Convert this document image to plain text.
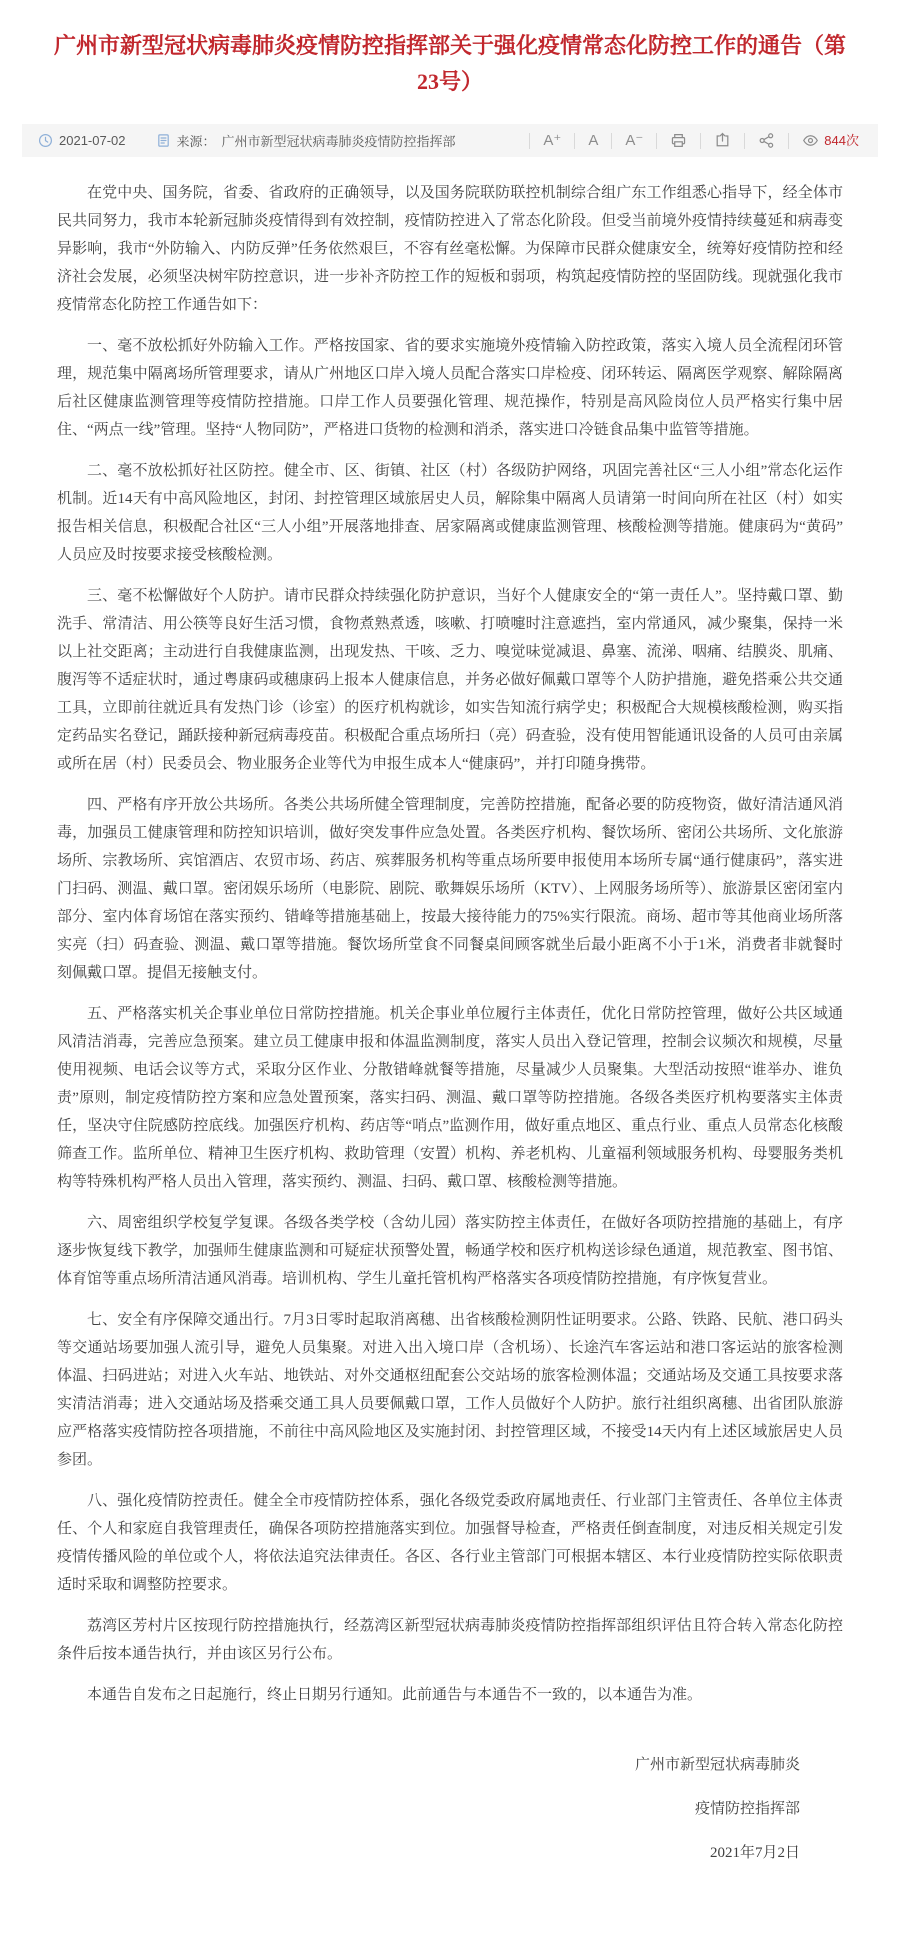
广州市新型冠状病毒肺炎疫情防控指挥部关于强化疫情常态化防控工作的通告（第23号）
2021-07-02	来源： 广州市新型冠状病毒肺炎疫情防控指挥部	A⁺ A A⁻	844次

在党中央、国务院，省委、省政府的正确领导，以及国务院联防联控机制综合组广东工作组悉心指导下，经全体市民共同努力，我市本轮新冠肺炎疫情得到有效控制，疫情防控进入了常态化阶段。但受当前境外疫情持续蔓延和病毒变异影响，我市“外防输入、内防反弹”任务依然艰巨，不容有丝毫松懈。为保障市民群众健康安全，统筹好疫情防控和经济社会发展，必须坚决树牢防控意识，进一步补齐防控工作的短板和弱项，构筑起疫情防控的坚固防线。现就强化我市疫情常态化防控工作通告如下：

一、毫不放松抓好外防输入工作。严格按国家、省的要求实施境外疫情输入防控政策，落实入境人员全流程闭环管理，规范集中隔离场所管理要求，请从广州地区口岸入境人员配合落实口岸检疫、闭环转运、隔离医学观察、解除隔离后社区健康监测管理等疫情防控措施。口岸工作人员要强化管理、规范操作，特别是高风险岗位人员严格实行集中居住、“两点一线”管理。坚持“人物同防”，严格进口货物的检测和消杀，落实进口冷链食品集中监管等措施。

二、毫不放松抓好社区防控。健全市、区、街镇、社区（村）各级防护网络，巩固完善社区“三人小组”常态化运作机制。近14天有中高风险地区，封闭、封控管理区域旅居史人员，解除集中隔离人员请第一时间向所在社区（村）如实报告相关信息，积极配合社区“三人小组”开展落地排查、居家隔离或健康监测管理、核酸检测等措施。健康码为“黄码”人员应及时按要求接受核酸检测。

三、毫不松懈做好个人防护。请市民群众持续强化防护意识，当好个人健康安全的“第一责任人”。坚持戴口罩、勤洗手、常清洁、用公筷等良好生活习惯，食物煮熟煮透，咳嗽、打喷嚏时注意遮挡，室内常通风，减少聚集，保持一米以上社交距离；主动进行自我健康监测，出现发热、干咳、乏力、嗅觉味觉减退、鼻塞、流涕、咽痛、结膜炎、肌痛、腹泻等不适症状时，通过粤康码或穗康码上报本人健康信息，并务必做好佩戴口罩等个人防护措施，避免搭乘公共交通工具，立即前往就近具有发热门诊（诊室）的医疗机构就诊，如实告知流行病学史；积极配合大规模核酸检测，购买指定药品实名登记，踊跃接种新冠病毒疫苗。积极配合重点场所扫（亮）码查验，没有使用智能通讯设备的人员可由亲属或所在居（村）民委员会、物业服务企业等代为申报生成本人“健康码”，并打印随身携带。

四、严格有序开放公共场所。各类公共场所健全管理制度，完善防控措施，配备必要的防疫物资，做好清洁通风消毒，加强员工健康管理和防控知识培训，做好突发事件应急处置。各类医疗机构、餐饮场所、密闭公共场所、文化旅游场所、宗教场所、宾馆酒店、农贸市场、药店、殡葬服务机构等重点场所要申报使用本场所专属“通行健康码”，落实进门扫码、测温、戴口罩。密闭娱乐场所（电影院、剧院、歌舞娱乐场所（KTV）、上网服务场所等）、旅游景区密闭室内部分、室内体育场馆在落实预约、错峰等措施基础上，按最大接待能力的75%实行限流。商场、超市等其他商业场所落实亮（扫）码查验、测温、戴口罩等措施。餐饮场所堂食不同餐桌间顾客就坐后最小距离不小于1米，消费者非就餐时刻佩戴口罩。提倡无接触支付。

五、严格落实机关企事业单位日常防控措施。机关企事业单位履行主体责任，优化日常防控管理，做好公共区域通风清洁消毒，完善应急预案。建立员工健康申报和体温监测制度，落实人员出入登记管理，控制会议频次和规模，尽量使用视频、电话会议等方式，采取分区作业、分散错峰就餐等措施，尽量减少人员聚集。大型活动按照“谁举办、谁负责”原则，制定疫情防控方案和应急处置预案，落实扫码、测温、戴口罩等防控措施。各级各类医疗机构要落实主体责任，坚决守住院感防控底线。加强医疗机构、药店等“哨点”监测作用，做好重点地区、重点行业、重点人员常态化核酸筛查工作。监所单位、精神卫生医疗机构、救助管理（安置）机构、养老机构、儿童福利领域服务机构、母婴服务类机构等特殊机构严格人员出入管理，落实预约、测温、扫码、戴口罩、核酸检测等措施。

六、周密组织学校复学复课。各级各类学校（含幼儿园）落实防控主体责任，在做好各项防控措施的基础上，有序逐步恢复线下教学，加强师生健康监测和可疑症状预警处置，畅通学校和医疗机构送诊绿色通道，规范教室、图书馆、体育馆等重点场所清洁通风消毒。培训机构、学生儿童托管机构严格落实各项疫情防控措施，有序恢复营业。

七、安全有序保障交通出行。7月3日零时起取消离穗、出省核酸检测阴性证明要求。公路、铁路、民航、港口码头等交通站场要加强人流引导，避免人员集聚。对进入出入境口岸（含机场）、长途汽车客运站和港口客运站的旅客检测体温、扫码进站；对进入火车站、地铁站、对外交通枢纽配套公交站场的旅客检测体温；交通站场及交通工具按要求落实清洁消毒；进入交通站场及搭乘交通工具人员要佩戴口罩，工作人员做好个人防护。旅行社组织离穗、出省团队旅游应严格落实疫情防控各项措施，不前往中高风险地区及实施封闭、封控管理区域，不接受14天内有上述区域旅居史人员参团。

八、强化疫情防控责任。健全全市疫情防控体系，强化各级党委政府属地责任、行业部门主管责任、各单位主体责任、个人和家庭自我管理责任，确保各项防控措施落实到位。加强督导检查，严格责任倒查制度，对违反相关规定引发疫情传播风险的单位或个人，将依法追究法律责任。各区、各行业主管部门可根据本辖区、本行业疫情防控实际依职责适时采取和调整防控要求。

荔湾区芳村片区按现行防控措施执行，经荔湾区新型冠状病毒肺炎疫情防控指挥部组织评估且符合转入常态化防控条件后按本通告执行，并由该区另行公布。

本通告自发布之日起施行，终止日期另行通知。此前通告与本通告不一致的，以本通告为准。

广州市新型冠状病毒肺炎

疫情防控指挥部

2021年7月2日
